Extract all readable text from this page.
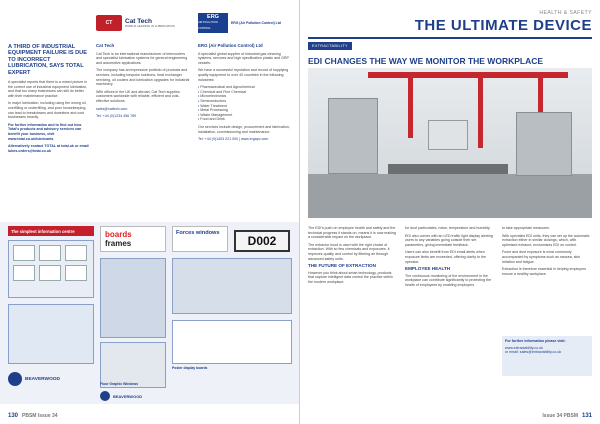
A THIRD OF INDUSTRIAL EQUIPMENT FAILURE IS DUE TO INCORRECT LUBRICATION, SAYS TOTAL EXPERT

A specialist reports that there is a mixed picture in the correct use of industrial equipment lubrication, and that too many businesses can still do better with their maintenance practice.

In major lubrication, including using the wrong oil, overfilling or underfilling, and poor housekeeping, can lead to breakdowns and downtime and cost businesses heavily.

For further information and to find out how Total's products and advisory services can benefit your business, visit www.total.co.uk/lubricants

Alternatively contact TOTAL at total.uk or email lubes.orders@total.co.uk

CT	Cat Tech
WORLD LEADING IN LUBRICATION
ERG
AIR POLLUTION CONTROL
ERG (Air Pollution Control) Ltd
Cat Tech

Cat Tech is an international manufacturer of intercoolers and specialist lubrication systems for general engineering and automotive applications.

The company has an impressive portfolio of products and services, including bespoke solutions, heat exchanger servicing, oil coolers and lubrication upgrades for industrial machinery.

With offices in the UK and abroad, Cat Tech supplies customers worldwide with reliable, efficient and cost-effective solutions.

sales@cattech.com

Tel: +44 (0)1234 456 789

ERG (Air Pollution Control) Ltd

A specialist global supplier of industrial gas cleaning systems, services and high specification plastic and GRP vessels.

We have a successful reputation and record of supplying quality equipment to over 40 countries in the following industries:

• Pharmaceutical and Agrochemical
• Chemical and Fine Chemical
• Microelectronics
• Semiconductors
• Water Treatment
• Metal Processing
• Waste Management
• Food and Drink

Our services include design, procurement and fabrication, installation, commissioning and maintenance.

Tel: +44 (0)1403 221 000 | www.ergapc.com

The simplest information centre
BEAVERWOOD
boards
frames
Forces windows
D002
Poster display boards
Floor Graphic Windows
BEAVERWOOD
130 PBSM Issue 34
HEALTH & SAFETY
THE ULTIMATE DEVICE
EXTRACTABILITY
EDI CHANGES THE WAY WE MONITOR THE WORKPLACE

The EDI's push on employee health and safety and the technical progress it stands on, means it is now making a considerable impact on the workplace.

The extractor hood is used with the right choice of extraction. With so few chemicals and exposures, it improves quality and control by filtering air through advanced safety units.

THE FUTURE OF EXTRACTION

However you think about smart technology, products that capture intelligent data control the practice within the modern workplace.

for dust particulates, noise, temperature and humidity.

EDI also comes with an LED traffic light display alerting users to any variables going outside their set parameters, giving immediate feedback.

Users can also benefit from EDI email alerts when exposure limits are exceeded, offering clarity to the operator.

EMPLOYEE HEALTH

The continuous monitoring of the environment in the workplace can contribute significantly to protecting the health of employees by enabling employers

to take appropriate measures.

With specialist EDI units, they can set up the automatic extraction either in similar closings, which, with optimised exhaust, economises EDI on control.

Fume and dust exposure is most commonly accompanied by symptoms such as nausea, skin irritation and fatigue.

Extraction is therefore essential in helping employers ensure a healthy workplace.

For further information please visit:
www.extractability.co.uk
or email: sales@extractability.co.uk
Issue 34 PBSM 131
